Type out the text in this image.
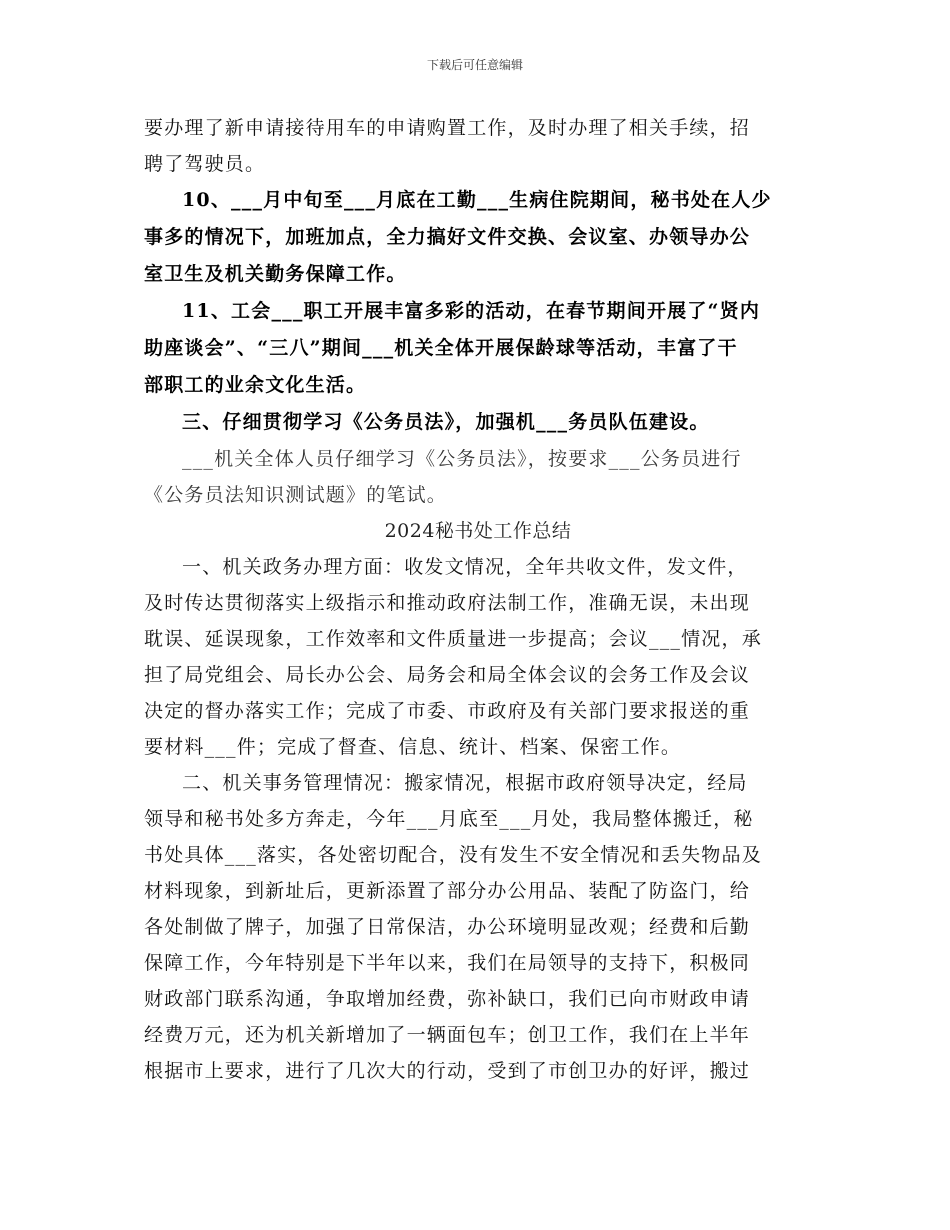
下载后可任意编辑
要办理了新申请接待用车的申请购置工作，及时办理了相关手续，招
聘了驾驶员。
10、___月中旬至___月底在工勤___生病住院期间，秘书处在人少
事多的情况下，加班加点，全力搞好文件交换、会议室、办领导办公
室卫生及机关勤务保障工作。
11、工会___职工开展丰富多彩的活动，在春节期间开展了“贤内
助座谈会”、“三八”期间___机关全体开展保龄球等活动，丰富了干
部职工的业余文化生活。
三、仔细贯彻学习《公务员法》，加强机___务员队伍建设。
___机关全体人员仔细学习《公务员法》，按要求___公务员进行
《公务员法知识测试题》的笔试。
2024秘书处工作总结
一、机关政务办理方面：收发文情况，全年共收文件，发文件，
及时传达贯彻落实上级指示和推动政府法制工作，准确无误，未出现
耽误、延误现象，工作效率和文件质量进一步提高；会议___情况，承
担了局党组会、局长办公会、局务会和局全体会议的会务工作及会议
决定的督办落实工作；完成了市委、市政府及有关部门要求报送的重
要材料___件；完成了督查、信息、统计、档案、保密工作。
二、机关事务管理情况：搬家情况，根据市政府领导决定，经局
领导和秘书处多方奔走，今年___月底至___月处，我局整体搬迁，秘
书处具体___落实，各处密切配合，没有发生不安全情况和丢失物品及
材料现象，到新址后，更新添置了部分办公用品、装配了防盗门，给
各处制做了牌子，加强了日常保洁，办公环境明显改观；经费和后勤
保障工作，今年特别是下半年以来，我们在局领导的支持下，积极同
财政部门联系沟通，争取增加经费，弥补缺口，我们已向市财政申请
经费万元，还为机关新增加了一辆面包车；创卫工作，我们在上半年
根据市上要求，进行了几次大的行动，受到了市创卫办的好评，搬过
